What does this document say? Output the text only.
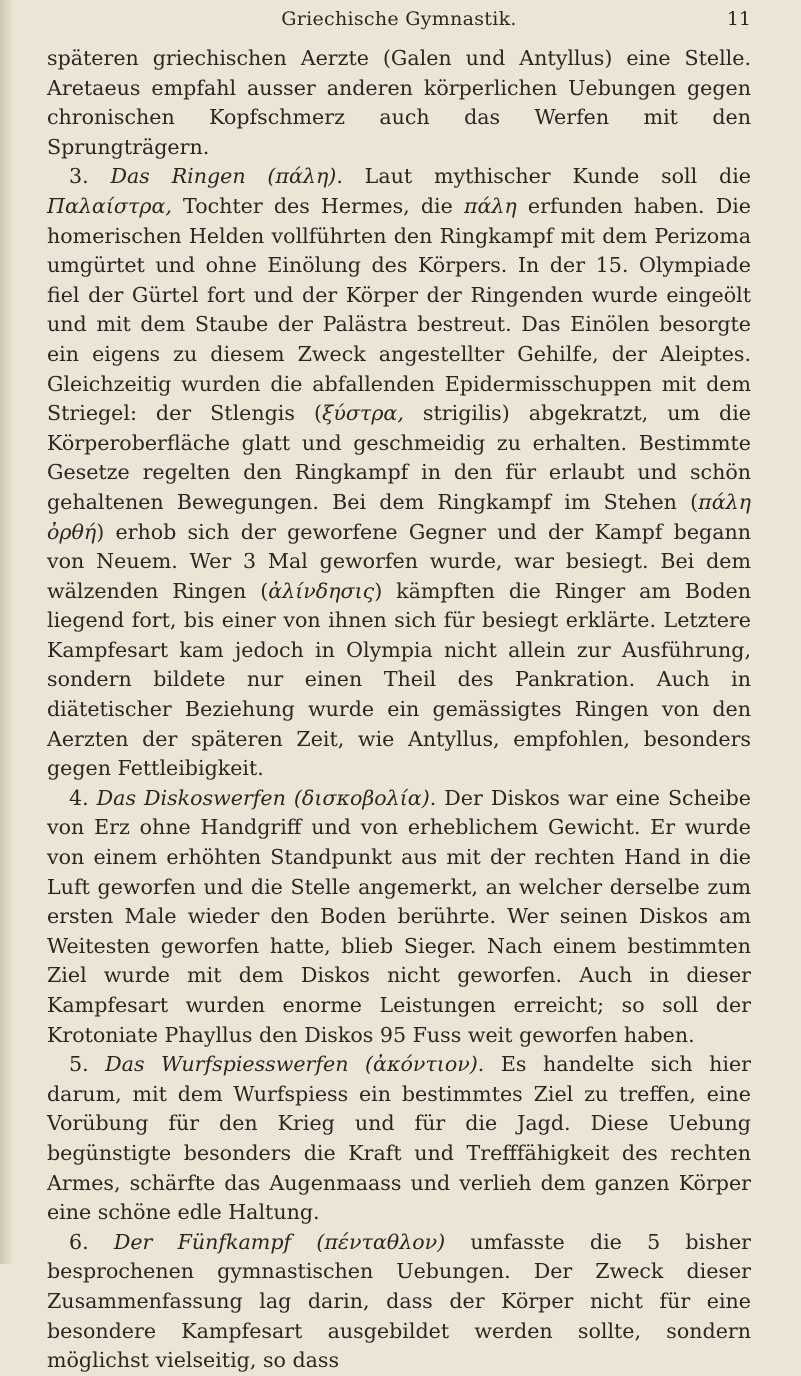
Griechische Gymnastik.	11

späteren griechischen Aerzte (Galen und Antyllus) eine Stelle. Aretaeus empfahl ausser anderen körperlichen Uebungen gegen chronischen Kopfschmerz auch das Werfen mit den Sprungträgern.

3. Das Ringen (πάλη). Laut mythischer Kunde soll die Παλαίστρα, Tochter des Hermes, die πάλη erfunden haben. Die homerischen Helden vollführten den Ringkampf mit dem Perizoma umgürtet und ohne Einölung des Körpers. In der 15. Olympiade fiel der Gürtel fort und der Körper der Ringenden wurde eingeölt und mit dem Staube der Palästra bestreut. Das Einölen besorgte ein eigens zu diesem Zweck angestellter Gehilfe, der Aleiptes. Gleichzeitig wurden die abfallenden Epidermisschuppen mit dem Striegel: der Stlengis (ξύστρα, strigilis) abgekratzt, um die Körperoberfläche glatt und geschmeidig zu erhalten. Bestimmte Gesetze regelten den Ringkampf in den für erlaubt und schön gehaltenen Bewegungen. Bei dem Ringkampf im Stehen (πάλη ὀρθή) erhob sich der geworfene Gegner und der Kampf begann von Neuem. Wer 3 Mal geworfen wurde, war besiegt. Bei dem wälzenden Ringen (ἀλίνδησις) kämpften die Ringer am Boden liegend fort, bis einer von ihnen sich für besiegt erklärte. Letztere Kampfesart kam jedoch in Olympia nicht allein zur Ausführung, sondern bildete nur einen Theil des Pankration. Auch in diätetischer Beziehung wurde ein gemässigtes Ringen von den Aerzten der späteren Zeit, wie Antyllus, empfohlen, besonders gegen Fettleibigkeit.

4. Das Diskoswerfen (δισκοβολία). Der Diskos war eine Scheibe von Erz ohne Handgriff und von erheblichem Gewicht. Er wurde von einem erhöhten Standpunkt aus mit der rechten Hand in die Luft geworfen und die Stelle angemerkt, an welcher derselbe zum ersten Male wieder den Boden berührte. Wer seinen Diskos am Weitesten geworfen hatte, blieb Sieger. Nach einem bestimmten Ziel wurde mit dem Diskos nicht geworfen. Auch in dieser Kampfesart wurden enorme Leistungen erreicht; so soll der Krotoniate Phayllus den Diskos 95 Fuss weit geworfen haben.

5. Das Wurfspiesswerfen (ἀκόντιον). Es handelte sich hier darum, mit dem Wurfspiess ein bestimmtes Ziel zu treffen, eine Vorübung für den Krieg und für die Jagd. Diese Uebung begünstigte besonders die Kraft und Trefffähigkeit des rechten Armes, schärfte das Augenmaass und verlieh dem ganzen Körper eine schöne edle Haltung.

6. Der Fünfkampf (πένταθλον) umfasste die 5 bisher besprochenen gymnastischen Uebungen. Der Zweck dieser Zusammenfassung lag darin, dass der Körper nicht für eine besondere Kampfesart ausgebildet werden sollte, sondern möglichst vielseitig, so dass
